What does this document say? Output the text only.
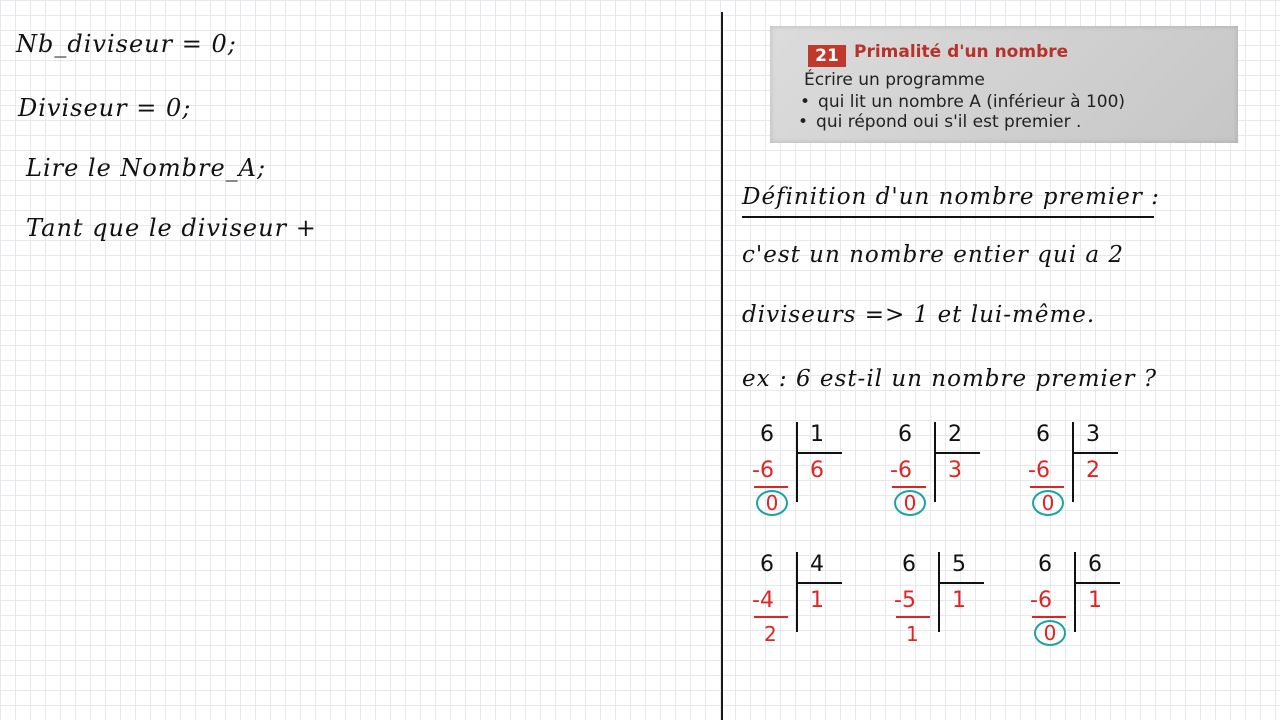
Nb_diviseur = 0;
Diviseur = 0;
Lire le Nombre_A;
Tant que le diviseur +
21 Primalité d'un nombre
Écrire un programme
• qui lit un nombre A (inférieur à 100)
• qui répond oui s'il est premier .
Définition d'un nombre premier :
c'est un nombre entier qui a 2
diviseurs => 1 et lui-même.
ex : 6 est-il un nombre premier ?
6 1
-6 6
0
6 2
-6 3
0
6 3
-6 2
0
6 4
-4 1
2
6 5
-5 1
1
6 6
-6 1
0
